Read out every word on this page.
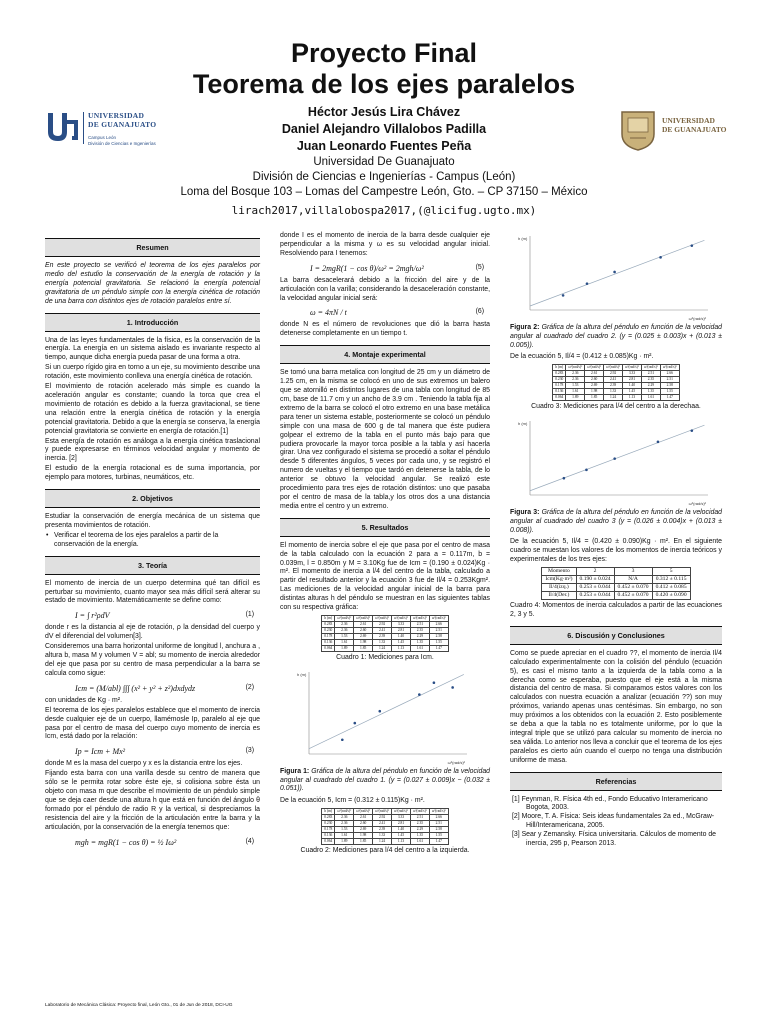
Proyecto Final
Teorema de los ejes paralelos
Héctor Jesús Lira Chávez
Daniel Alejandro Villalobos Padilla
Juan Leonardo Fuentes Peña
Universidad De Guanajuato
División de Ciencias e Ingenierías - Campus (León)
Loma del Bosque 103 – Lomas del Campestre León, Gto. – CP 37150 – México
lirach2017,villalobospa2017,(@licifug.ugto.mx)
UNIVERSIDAD
DE GUANAJUATO
Campus León
División de Ciencias e Ingenierías
UNIVERSIDAD
DE GUANAJUATO
Resumen

En este proyecto se verificó el teorema de los ejes paralelos por medio del estudio la conservación de la energía de rotación y la energía potencial gravitatoria. Se relacionó la energía potencial gravitatoria de un péndulo simple con la energía cinética de rotación de una barra con distintos ejes de rotación paralelos entre sí.

1. Introducción

Una de las leyes fundamentales de la física, es la conservación de la energía. La energía en un sistema aislado es invariante respecto al tiempo, aunque dicha energía pueda pasar de una forma a otra.

Si un cuerpo rígido gira en torno a un eje, su movimiento describe una rotación, este movimiento conlleva una energía cinética de rotación.

El movimiento de rotación acelerado más simple es cuando la aceleración angular es constante; cuando la torca que crea el movimiento de rotación es debido a la fuerza gravitacional, se tiene una relación entre la energía cinética de rotación y la energía potencial gravitatoria. Debido a que la energía se conserva, la energía potencial gravitatoria se convierte en energía de rotación.[1]

Esta energía de rotación es análoga a la energía cinética traslacional y puede expresarse en términos velocidad angular y momento de inercia. [2]

El estudio de la energía rotacional es de suma importancia, por ejemplo para motores, turbinas, neumáticos, etc.

2. Objetivos

Estudiar la conservación de energía mecánica de un sistema que presenta movimientos de rotación.

• Verificar el teorema de los ejes paralelos a partir de la conservación de la energía.
3. Teoría

El momento de inercia de un cuerpo determina qué tan difícil es perturbar su movimiento, cuanto mayor sea más difícil será alterar su estado de movimiento. Matemáticamente se define como:

I = ∫ r²ρdV	(1)

donde r es la distancia al eje de rotación, ρ la densidad del cuerpo y dV el diferencial del volumen[3].

Consideremos una barra horizontal uniforme de longitud l, anchura a , altura b, masa M y volumen V = abl; su momento de inercia alrededor del eje que pasa por su centro de masa perpendicular a la barra se calcula como sigue:

Icm = (M/abl) ∫∫∫ (x² + y² + z²)dxdydz	(2)

con unidades de Kg · m².

El teorema de los ejes paralelos establece que el momento de inercia desde cualquier eje de un cuerpo, llamémosle Ip, paralelo al eje que pasa por el centro de masa del cuerpo cuyo momento de inercia es Icm, está dado por la relación:

Ip = Icm + Mx²	(3)

donde M es la masa del cuerpo y x es la distancia entre los ejes.

Fijando esta barra con una varilla desde su centro de manera que sólo se le permita rotar sobre éste eje, si colisiona sobre ésta un objeto con masa m que describe el movimiento de un péndulo simple que se deja caer desde una altura h que está en función del ángulo θ formado por el péndulo de radio R y la vertical, si despreciamos la resistencia del aire y la fricción de la articulación entre la barra y la articulación, por la conservación de la energía tenemos que:

mgh = mgR(1 − cos θ) = ½ Iω²	(4)

donde I es el momento de inercia de la barra desde cualquier eje perpendicular a la misma y ω es su velocidad angular inicial. Resolviendo para I tenemos:

I = 2mgR(1 − cos θ)/ω² = 2mgh/ω²	(5)

La barra desacelerará debido a la fricción del aire y de la articulación con la varilla; considerando la desaceleración constante, la velocidad angular inicial será:

ω = 4πN / t	(6)

donde N es el número de revoluciones que dió la barra hasta detenerse completamente en un tiempo t.

4. Montaje experimental

Se tomó una barra metalica con longitud de 25 cm y un diámetro de 1.25 cm, en la misma se colocó en uno de sus extremos un balero que se atornilló en distintos lugares de una tabla con longitud de 85 cm, base de 11.7 cm y un ancho de 3.9 cm . Teniendo la tabla fija al extremo de la barra se colocó el otro extremo en una base metálica para tener un sistema estable, posteriormente se colocó un péndulo simple con una masa de 600 g de tal manera que éste pudiera golpear el extremo de la tabla en el punto más bajo para que pudiera provocarle la mayor torca posible a la tabla y así hacerla girar. Una vez configurado el sistema se procedió a soltar el péndulo desde 5 diferentes ángulos, 5 veces por cada uno, y se registró el numero de vueltas y el tiempo que tardó en detenerse la tabla, de lo anterior se obtuvo la velocidad angular. Se realizó este procedimiento para tres ejes de rotación distintos: uno que pasaba por el centro de masa de la tabla,y los otros dos a una distancia media entre el centro y un extremo.

5. Resultados

El momento de inercia sobre el eje que pasa por el centro de masa de la tabla calculado con la ecuación 2 para a = 0.117m, b = 0.039m, l = 0.850m y M = 3.10Kg fue de Icm = (0.190 ± 0.024)Kg · m². El momento de inercia a l/4 del centro de la tabla, calculado a partir del resultado anterior y la ecuación 3 fue de Il/4 = 0.253Kgm². Las mediciones de la velocidad angular inicial de la barra para distintas alturas h del péndulo se muestran en las siguientes tablas con su respectiva gráfica:

h (m)	ω²(rad/s)²	ω²(rad/s)²	ω²(rad/s)²	ω²(rad/s)²	ω²(rad/s)²	ω²(rad/s)²
0.283	2.36	2.61	2.92	3.33	2.51	2.66
0.230	2.36	2.60	2.41	2.81	2.35	2.51
0.178	1.53	2.69	2.39	1.40	2.29	2.58
0.136	1.61	1.98	1.33	1.45	1.35	1.55
0.064	1.89	1.85	1.24	1.13	1.61	1.47
Cuadro 1: Mediciones para Icm.
ω²(rad/s)²
h (m)
Figura 1: Gráfica de la altura del péndulo en función de la velocidad angular al cuadrado del cuadro 1. (y = (0.027 ± 0.009)x − (0.032 ± 0.051)).

De la ecuación 5, Icm = (0.312 ± 0.115)Kg · m².

h (m)	ω²(rad/s)²	ω²(rad/s)²	ω²(rad/s)²	ω²(rad/s)²	ω²(rad/s)²	ω²(rad/s)²
0.283	2.36	2.61	2.92	3.33	2.51	2.66
0.230	2.36	2.60	2.41	2.81	2.35	2.51
0.178	1.53	2.69	2.39	1.40	2.29	2.58
0.136	1.61	1.98	1.33	1.45	1.35	1.55
0.064	1.89	1.85	1.24	1.13	1.61	1.47
Cuadro 2: Mediciones para l/4 del centro a la izquierda.
ω²(rad/s)²
h (m)
Figura 2: Gráfica de la altura del péndulo en función de la velocidad angular al cuadrado del cuadro 2. (y = (0.025 ± 0.003)x + (0.013 ± 0.005)).

De la ecuación 5, Il/4 = (0.412 ± 0.085)Kg · m².

h (m)	ω²(rad/s)²	ω²(rad/s)²	ω²(rad/s)²	ω²(rad/s)²	ω²(rad/s)²	ω²(rad/s)²
0.283	2.36	2.61	2.92	3.33	2.51	2.66
0.230	2.36	2.60	2.41	2.81	2.35	2.51
0.178	1.53	2.69	2.39	1.40	2.29	2.58
0.136	1.61	1.98	1.33	1.45	1.35	1.55
0.064	1.89	1.85	1.24	1.13	1.61	1.47
Cuadro 3: Mediciones para l/4 del centro a la derechaa.
ω²(rad/s)²
h (m)
Figura 3: Gráfica de la altura del péndulo en función de la velocidad angular al cuadrado del cuadro 3 (y = (0.026 ± 0.004)x + (0.013 ± 0.008)).

De la ecuación 5, Il/4 = (0.420 ± 0.090)Kg · m². En el siguiente cuadro se muestan los valores de los momentos de inercia teóricos y experimentales de los tres ejes:

Momento	2	3	5
Icm(Kg·m²)	0.190 ± 0.024	N/A	0.312 ± 0.115
Il/4(izq.)	0.253 ± 0.044	0.452 ± 0.070	0.412 ± 0.085
Il/4(Der.)	0.253 ± 0.044	0.452 ± 0.070	0.420 ± 0.090
Cuadro 4: Momentos de inercia calculados a partir de las ecuaciones 2, 3 y 5.
6. Discusión y Conclusiones

Como se puede apreciar en el cuadro ??, el momento de inercia Il/4 calculado experimentalmente con la colisión del péndulo (ecuación 5), es casi el mismo tanto a la izquierda de la tabla como a la derecha como se esperaba, puesto que el eje está a la misma distancia del centro de masa. Si comparamos estos valores con los calculados con nuestra ecuación a analizar (ecuación ??) son muy próximos, variando apenas unas centésimas. Sin embargo, no son muy próximos a los obtenidos con la ecuación 2. Esto posiblemente se deba a que la tabla no es totalmente uniforme, por lo que la integral triple que se utilizó para calcular su momento de inercia no sea válida. Lo anterior nos lleva a concluir que el teorema de los ejes paralelos es cierto aún cuando el cuerpo no tenga una distribución uniforme de masa.

Referencias
[1] Feynman, R. Física 4th ed., Fondo Educativo Interamericano Bogota, 2003.
[2] Moore, T. A. Física: Seis ideas fundamentales 2a ed., McGraw-Hill/Interamericana, 2005.
[3] Sear y Zemansky. Física universitaria. Cálculos de momento de inercia, 295 p, Pearson 2013.
Laboratorio de Mecánica Clásica: Proyecto final, León Gto., 01 de Jun de 2018, DCI-UG
